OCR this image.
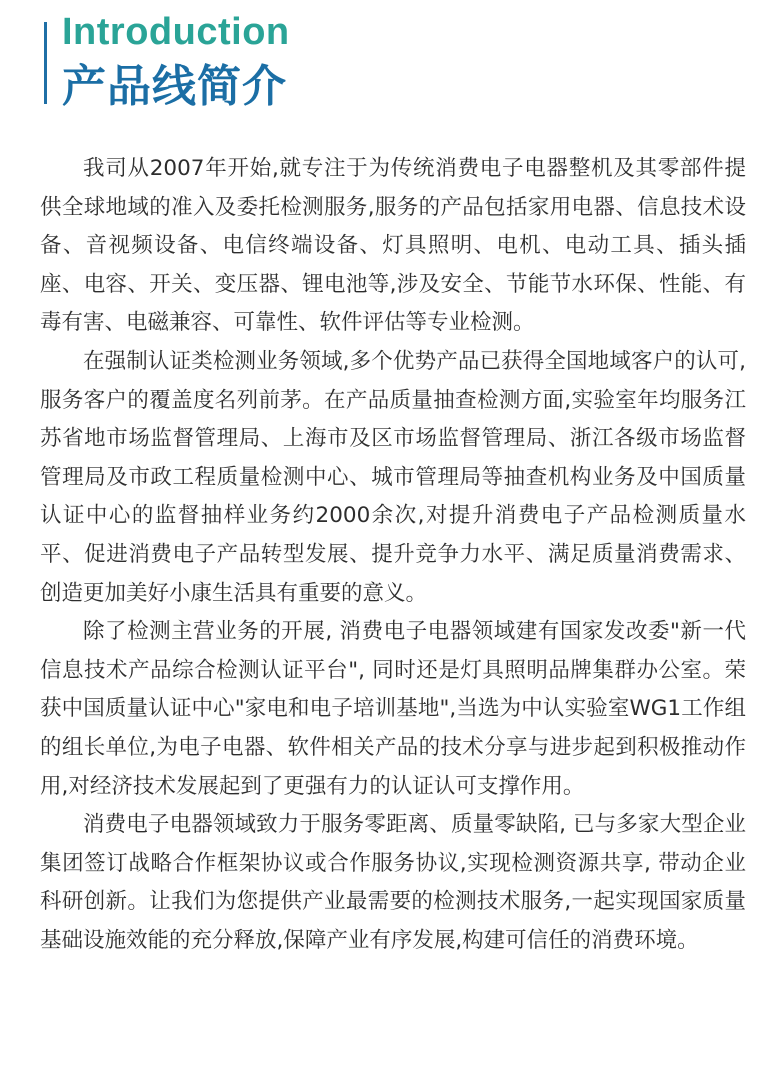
Introduction
产品线简介

我司从2007年开始,就专注于为传统消费电子电器整机及其零部件提供全球地域的准入及委托检测服务,服务的产品包括家用电器、信息技术设备、音视频设备、电信终端设备、灯具照明、电机、电动工具、插头插座、电容、开关、变压器、锂电池等,涉及安全、节能节水环保、性能、有毒有害、电磁兼容、可靠性、软件评估等专业检测。

在强制认证类检测业务领域,多个优势产品已获得全国地域客户的认可,服务客户的覆盖度名列前茅。在产品质量抽查检测方面,实验室年均服务江苏省地市场监督管理局、上海市及区市场监督管理局、浙江各级市场监督管理局及市政工程质量检测中心、城市管理局等抽查机构业务及中国质量认证中心的监督抽样业务约2000余次,对提升消费电子产品检测质量水平、促进消费电子产品转型发展、提升竞争力水平、满足质量消费需求、创造更加美好小康生活具有重要的意义。

除了检测主营业务的开展, 消费电子电器领域建有国家发改委"新一代信息技术产品综合检测认证平台", 同时还是灯具照明品牌集群办公室。荣获中国质量认证中心"家电和电子培训基地",当选为中认实验室WG1工作组的组长单位,为电子电器、软件相关产品的技术分享与进步起到积极推动作用,对经济技术发展起到了更强有力的认证认可支撑作用。

消费电子电器领域致力于服务零距离、质量零缺陷, 已与多家大型企业集团签订战略合作框架协议或合作服务协议,实现检测资源共享, 带动企业科研创新。让我们为您提供产业最需要的检测技术服务,一起实现国家质量基础设施效能的充分释放,保障产业有序发展,构建可信任的消费环境。
